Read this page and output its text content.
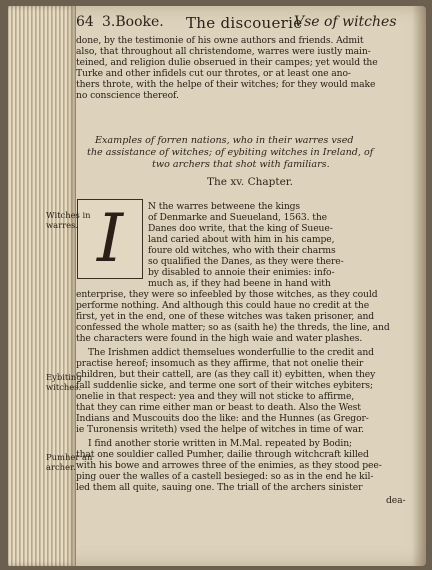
64 3.Booke. The discouerie
Vse of witches
done, by the testimonie of his owne authors and friends. Admit
also, that throughout all christendome, warres were iustly main-
teined, and religion dulie obserued in their campes; yet would the
Turke and other infidels cut our throtes, or at least one ano-
thers throte, with the helpe of their witches; for they would make
no conscience thereof.
Examples of forren nations, who in their warres vsed
the assistance of witches; of eybiting witches in Ireland, of
two archers that shot with familiars.
The xv. Chapter.
I	N the warres betweene the kings
of Denmarke and Sueueland, 1563. the
Danes doo write, that the king of Sueue-
land caried about with him in his campe,
foure old witches, who with their charms
so qualified the Danes, as they were there-
by disabled to annoie their enimies: info-
much as, if they had beene in hand with
enterprise, they were so infeebled by those witches, as they could
performe nothing. And although this could haue no credit at the
first, yet in the end, one of these witches was taken prisoner, and
confessed the whole matter; so as (saith he) the threds, the line, and
the characters were found in the high waie and water plashes.
The Irishmen addict themselues wonderfullie to the credit and
practise hereof; insomuch as they affirme, that not onelie their
children, but their cattell, are (as they call it) eybitten, when they
fall suddenlie sicke, and terme one sort of their witches eybiters;
onelie in that respect: yea and they will not sticke to affirme,
that they can rime either man or beast to death. Also the West
Indians and Muscouits doo the like: and the Hunnes (as Gregor-
ie Turonensis writeth) vsed the helpe of witches in time of war.
I find another storie written in M.Mal. repeated by Bodin;
that one souldier called Pumher, dailie through witchcraft killed
with his bowe and arrowes three of the enimies, as they stood pee-
ping ouer the walles of a castell besieged: so as in the end he kil-
led them all quite, sauing one. The triall of the archers sinister
dea-
Witches in
warres.
Eybiting
witches.
Pumher an
archer.
